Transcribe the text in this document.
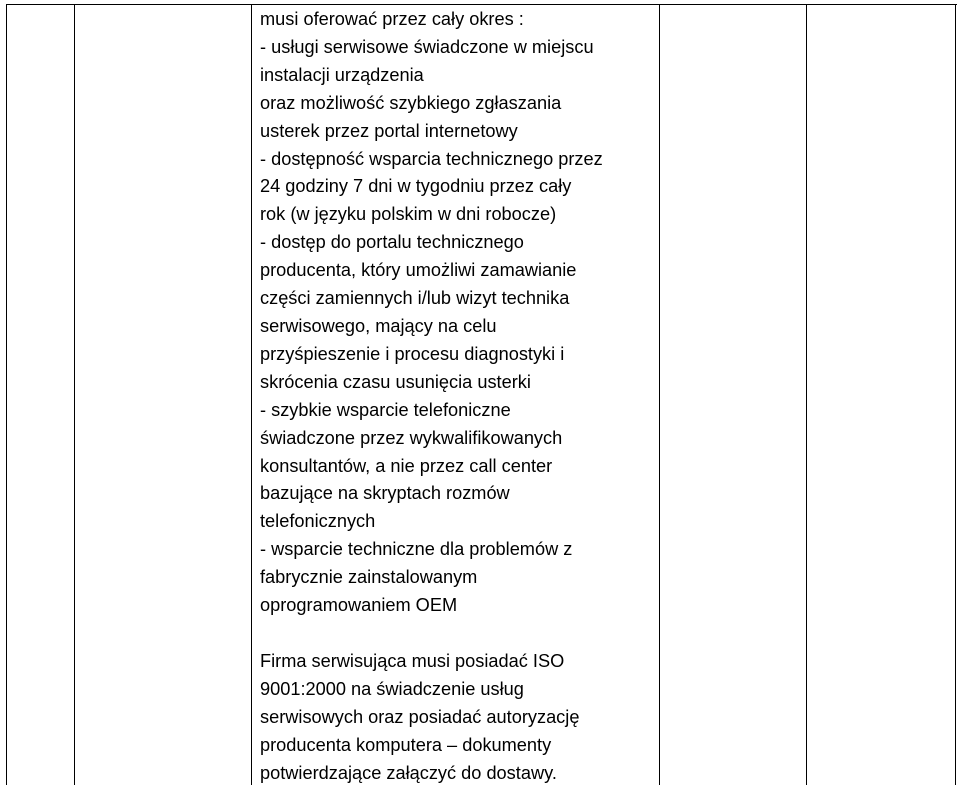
musi oferować przez cały okres :
- usługi serwisowe świadczone w miejscu
instalacji urządzenia
oraz możliwość szybkiego zgłaszania
usterek przez portal internetowy
- dostępność wsparcia technicznego przez
24 godziny 7 dni w tygodniu przez cały
rok (w języku polskim w dni robocze)
- dostęp do portalu technicznego
producenta, który umożliwi zamawianie
części zamiennych i/lub wizyt technika
serwisowego, mający na celu
przyśpieszenie i procesu diagnostyki i
skrócenia czasu usunięcia usterki
- szybkie wsparcie telefoniczne
świadczone przez wykwalifikowanych
konsultantów, a nie przez call center
bazujące na skryptach rozmów
telefonicznych
- wsparcie techniczne dla problemów z
fabrycznie zainstalowanym
oprogramowaniem OEM
Firma serwisująca musi posiadać ISO
9001:2000 na świadczenie usług
serwisowych oraz posiadać autoryzację
producenta komputera – dokumenty
potwierdzające załączyć do dostawy.
